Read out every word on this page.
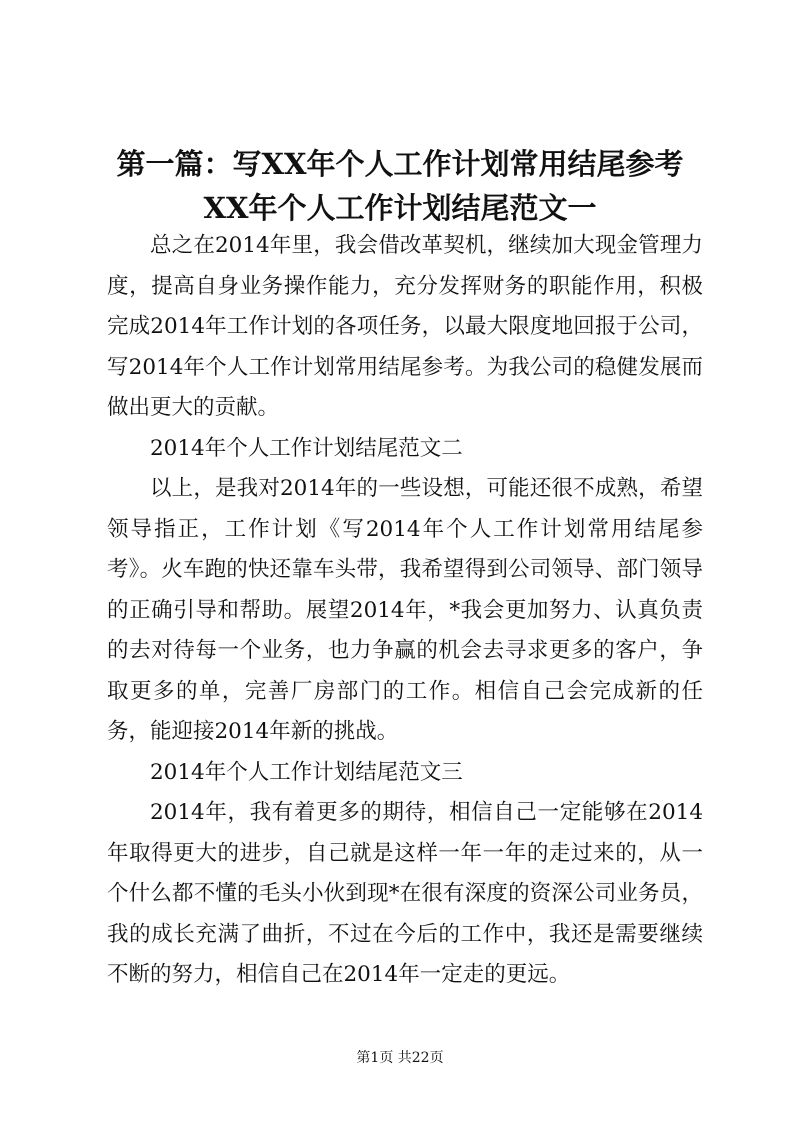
第一篇：写XX年个人工作计划常用结尾参考
XX年个人工作计划结尾范文一

总之在2014年里，我会借改革契机，继续加大现金管理力度，提高自身业务操作能力，充分发挥财务的职能作用，积极完成2014年工作计划的各项任务，以最大限度地回报于公司，写2014年个人工作计划常用结尾参考。为我公司的稳健发展而做出更大的贡献。

2014年个人工作计划结尾范文二

以上，是我对2014年的一些设想，可能还很不成熟，希望领导指正，工作计划《写2014年个人工作计划常用结尾参考》。火车跑的快还靠车头带，我希望得到公司领导、部门领导的正确引导和帮助。展望2014年，*我会更加努力、认真负责的去对待每一个业务，也力争赢的机会去寻求更多的客户，争取更多的单，完善厂房部门的工作。相信自己会完成新的任务，能迎接2014年新的挑战。

2014年个人工作计划结尾范文三

2014年，我有着更多的期待，相信自己一定能够在2014年取得更大的进步，自己就是这样一年一年的走过来的，从一个什么都不懂的毛头小伙到现*在很有深度的资深公司业务员，我的成长充满了曲折，不过在今后的工作中，我还是需要继续不断的努力，相信自己在2014年一定走的更远。

第1页 共22页
